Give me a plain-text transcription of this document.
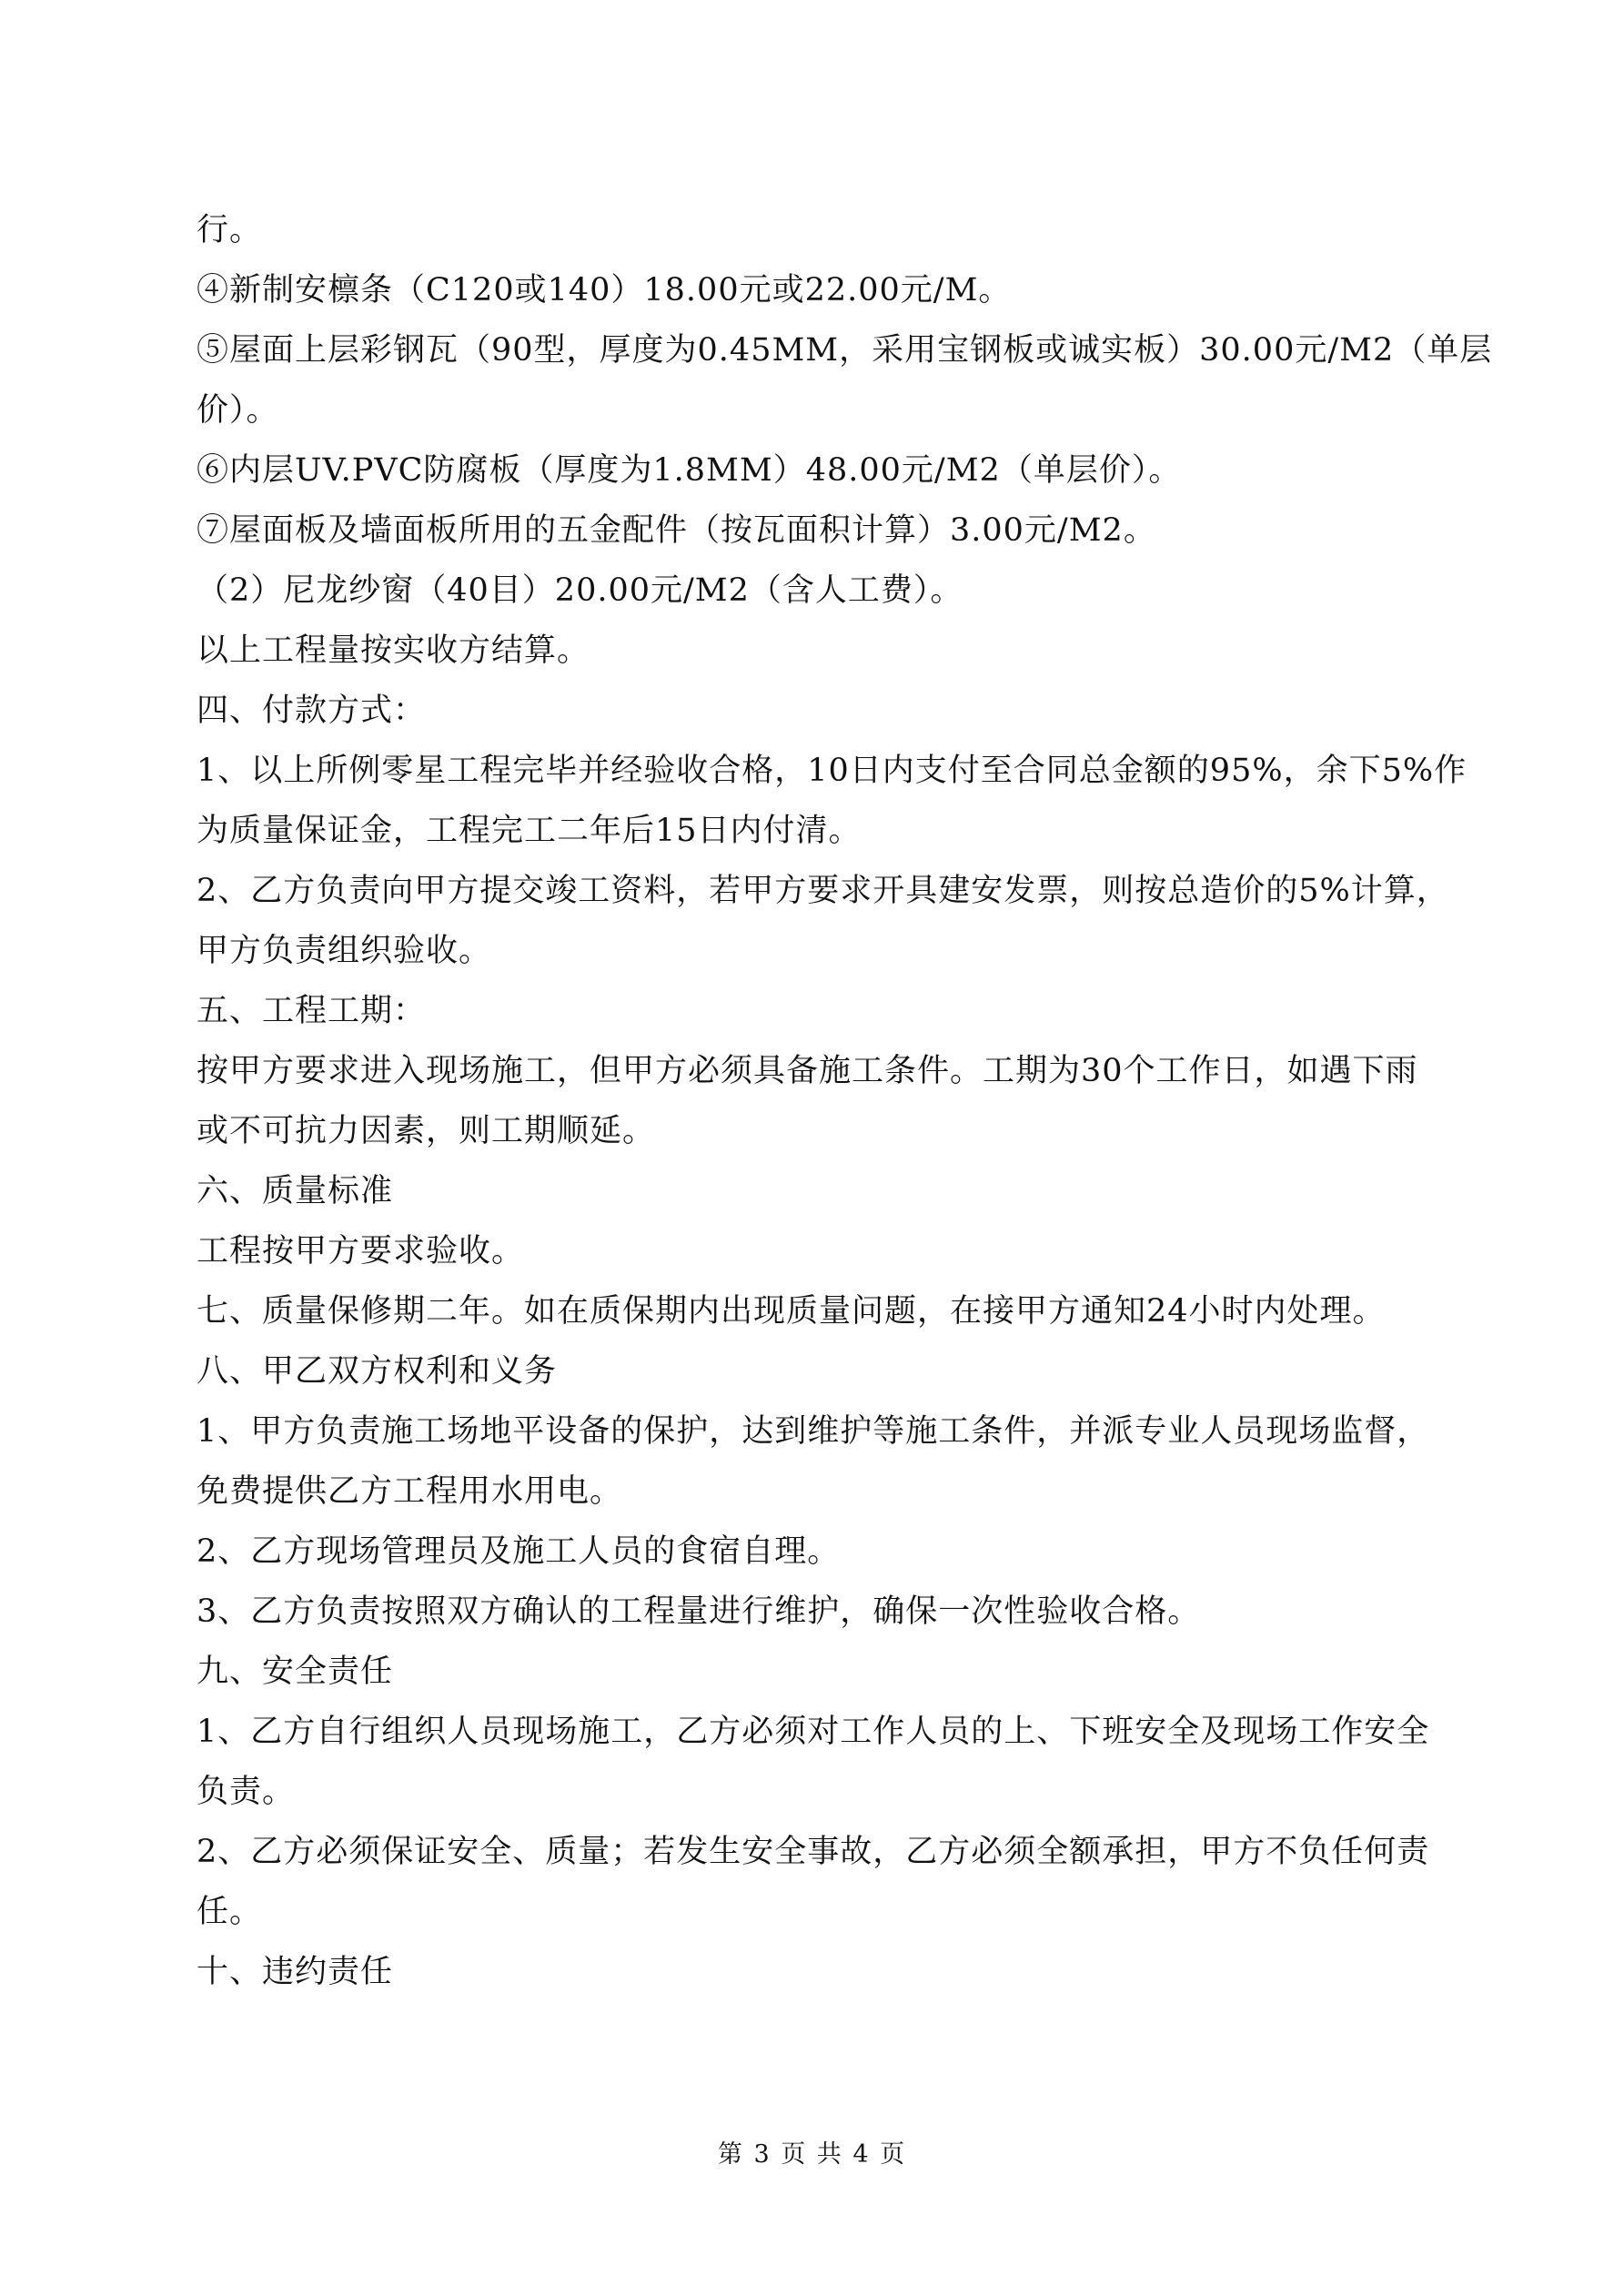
行。
④新制安檩条（C120或140）18.00元或22.00元/M。
⑤屋面上层彩钢瓦（90型，厚度为0.45MM，采用宝钢板或诚实板）30.00元/M2（单层
价）。
⑥内层UV.PVC防腐板（厚度为1.8MM）48.00元/M2（单层价）。
⑦屋面板及墙面板所用的五金配件（按瓦面积计算）3.00元/M2。
（2）尼龙纱窗（40目）20.00元/M2（含人工费）。
以上工程量按实收方结算。
四、付款方式：
1、以上所例零星工程完毕并经验收合格，10日内支付至合同总金额的95%，余下5%作
为质量保证金，工程完工二年后15日内付清。
2、乙方负责向甲方提交竣工资料，若甲方要求开具建安发票，则按总造价的5%计算，
甲方负责组织验收。
五、工程工期：
按甲方要求进入现场施工，但甲方必须具备施工条件。工期为30个工作日，如遇下雨
或不可抗力因素，则工期顺延。
六、质量标准
工程按甲方要求验收。
七、质量保修期二年。如在质保期内出现质量问题，在接甲方通知24小时内处理。
八、甲乙双方权利和义务
1、甲方负责施工场地平设备的保护，达到维护等施工条件，并派专业人员现场监督，
免费提供乙方工程用水用电。
2、乙方现场管理员及施工人员的食宿自理。
3、乙方负责按照双方确认的工程量进行维护，确保一次性验收合格。
九、安全责任
1、乙方自行组织人员现场施工，乙方必须对工作人员的上、下班安全及现场工作安全
负责。
2、乙方必须保证安全、质量；若发生安全事故，乙方必须全额承担，甲方不负任何责
任。
十、违约责任
第 3 页 共 4 页
